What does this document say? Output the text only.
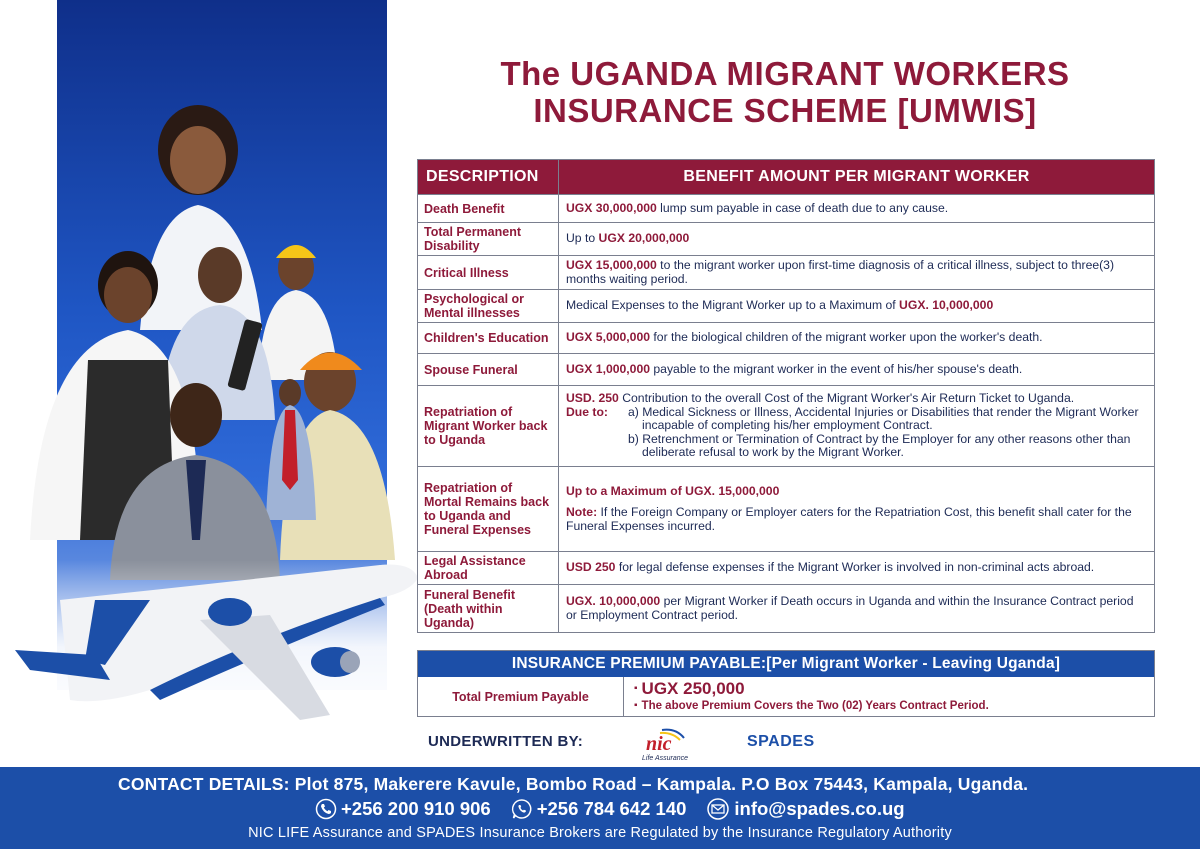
The UGANDA MIGRANT WORKERS
INSURANCE SCHEME [UMWIS]
DESCRIPTION	BENEFIT AMOUNT PER MIGRANT WORKER
Death Benefit	UGX 30,000,000 lump sum payable in case of death due to any cause.
Total Permanent Disability	Up to UGX 20,000,000
Critical Illness	UGX 15,000,000 to the migrant worker upon first-time diagnosis of a critical illness, subject to three(3) months waiting period.
Psychological or Mental illnesses	Medical Expenses to the Migrant Worker up to a Maximum of UGX. 10,000,000
Children's Education	UGX 5,000,000 for the biological children of the migrant worker upon the worker's death.
Spouse Funeral	UGX 1,000,000 payable to the migrant worker in the event of his/her spouse's death.
Repatriation of Migrant Worker back to Uganda	USD. 250 Contribution to the overall Cost of the Migrant Worker's Air Return Ticket to Uganda.
Due to: a) Medical Sickness or Illness, Accidental Injuries or Disabilities that render the Migrant Worker incapable of completing his/her employment Contract.
b) Retrenchment or Termination of Contract by the Employer for any other reasons other than deliberate refusal to work by the Migrant Worker.

Repatriation of Mortal Remains back to Uganda and Funeral Expenses	Up to a Maximum of UGX. 15,000,000
Note: If the Foreign Company or Employer caters for the Repatriation Cost, this benefit shall cater for the Funeral Expenses incurred.

Legal Assistance Abroad	USD 250 for legal defense expenses if the Migrant Worker is involved in non-criminal acts abroad.
Funeral Benefit (Death within Uganda)	UGX. 10,000,000 per Migrant Worker if Death occurs in Uganda and within the Insurance Contract period or Employment Contract period.
INSURANCE PREMIUM PAYABLE:[Per Migrant Worker - Leaving Uganda]
Total Premium Payable	▪ UGX 250,000
▪ The above Premium Covers the Two (02) Years Contract Period.
UNDERWRITTEN BY:	nic
Life Assurance
SPADES
CONTACT DETAILS: Plot 875, Makerere Kavule, Bombo Road – Kampala. P.O Box 75443, Kampala, Uganda.
+256 200 910 906 +256 784 642 140	info@spades.co.ug
NIC LIFE Assurance and SPADES Insurance Brokers are Regulated by the Insurance Regulatory Authority
